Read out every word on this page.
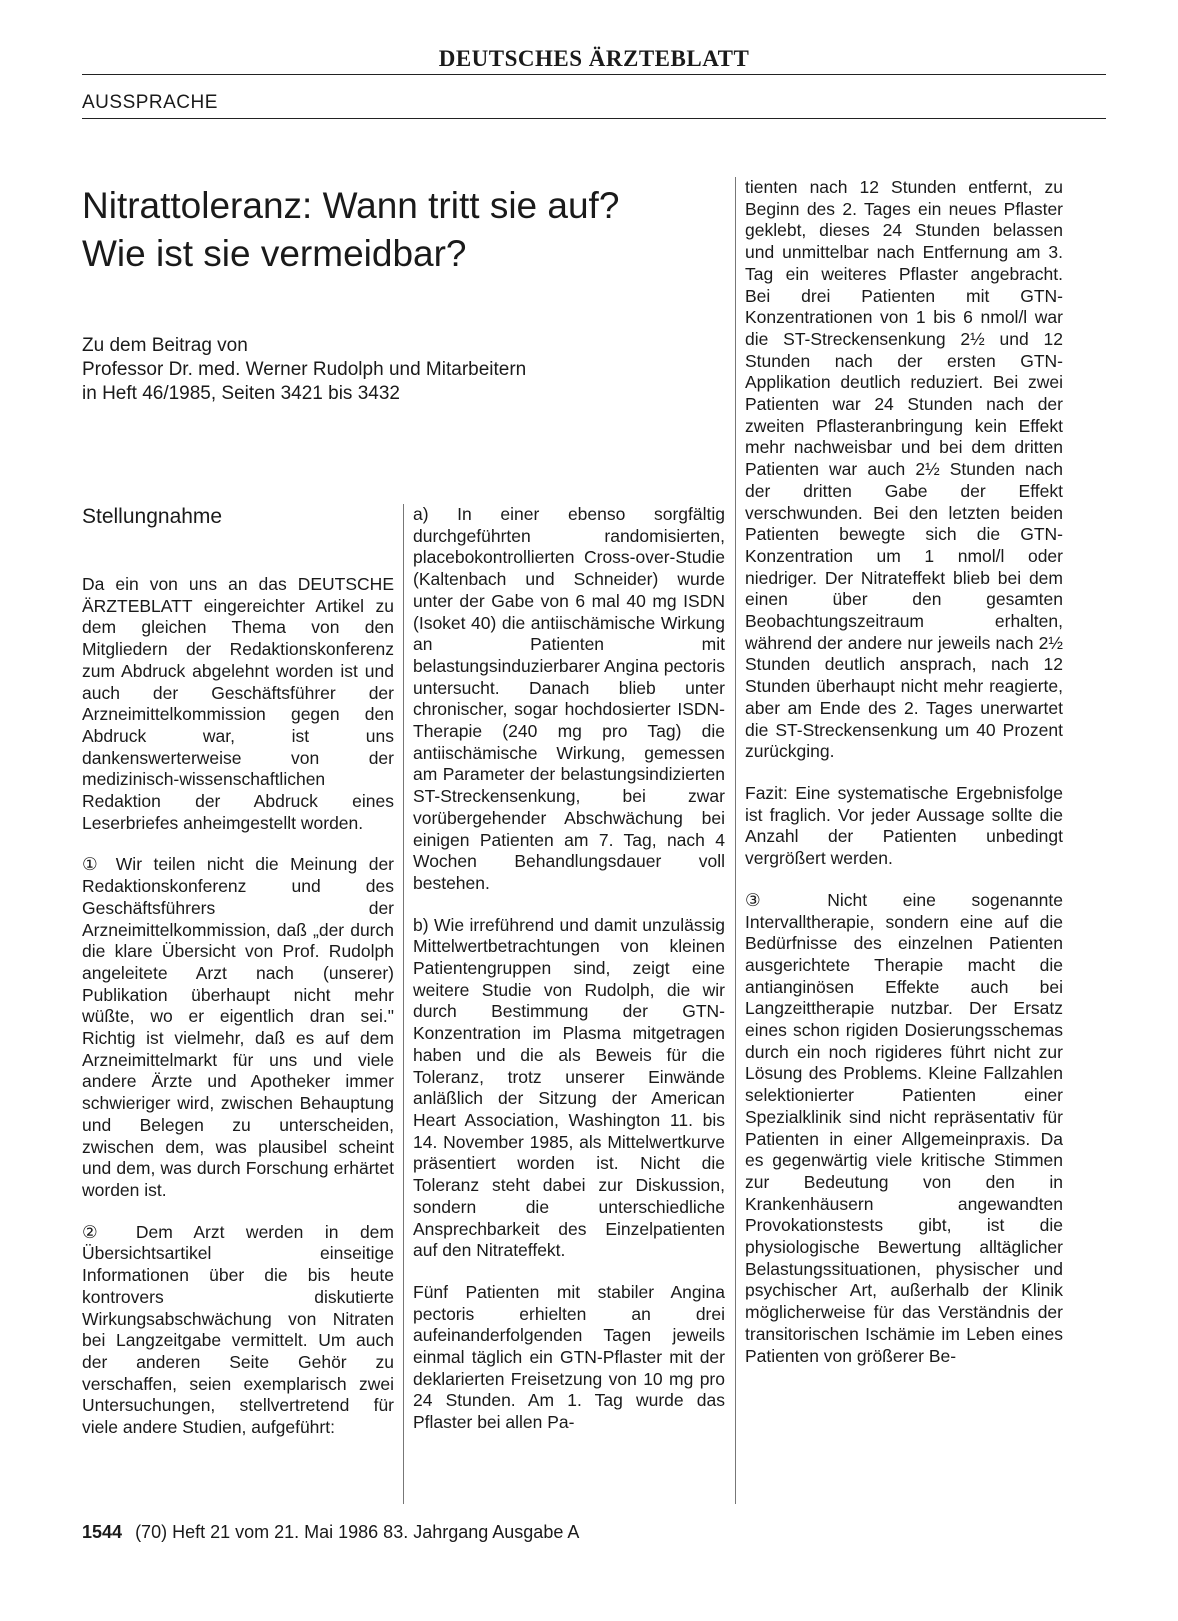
DEUTSCHES ÄRZTEBLATT
AUSSPRACHE
Nitrattoleranz: Wann tritt sie auf?
Wie ist sie vermeidbar?
Zu dem Beitrag von
Professor Dr. med. Werner Rudolph und Mitarbeitern
in Heft 46/1985, Seiten 3421 bis 3432
Stellungnahme

Da ein von uns an das DEUTSCHE ÄRZTEBLATT eingereichter Artikel zu dem gleichen Thema von den Mitgliedern der Redaktionskonferenz zum Abdruck abgelehnt worden ist und auch der Geschäftsführer der Arzneimittelkommission gegen den Abdruck war, ist uns dankenswerterweise von der medizinisch-wissenschaftlichen Redaktion der Abdruck eines Leserbriefes anheimgestellt worden.

① Wir teilen nicht die Meinung der Redaktionskonferenz und des Geschäftsführers der Arzneimittelkommission, daß „der durch die klare Übersicht von Prof. Rudolph angeleitete Arzt nach (unserer) Publikation überhaupt nicht mehr wüßte, wo er eigentlich dran sei." Richtig ist vielmehr, daß es auf dem Arzneimittelmarkt für uns und viele andere Ärzte und Apotheker immer schwieriger wird, zwischen Behauptung und Belegen zu unterscheiden, zwischen dem, was plausibel scheint und dem, was durch Forschung erhärtet worden ist.

② Dem Arzt werden in dem Übersichtsartikel einseitige Informationen über die bis heute kontrovers diskutierte Wirkungsabschwächung von Nitraten bei Langzeitgabe vermittelt. Um auch der anderen Seite Gehör zu verschaffen, seien exemplarisch zwei Untersuchungen, stellvertretend für viele andere Studien, aufgeführt:

a) In einer ebenso sorgfältig durchgeführten randomisierten, placebokontrollierten Cross-over-Studie (Kaltenbach und Schneider) wurde unter der Gabe von 6 mal 40 mg ISDN (Isoket 40) die antiischämische Wirkung an Patienten mit belastungsinduzierbarer Angina pectoris untersucht. Danach blieb unter chronischer, sogar hochdosierter ISDN-Therapie (240 mg pro Tag) die antiischämische Wirkung, gemessen am Parameter der belastungsindizierten ST-Streckensenkung, bei zwar vorübergehender Abschwächung bei einigen Patienten am 7. Tag, nach 4 Wochen Behandlungsdauer voll bestehen.

b) Wie irreführend und damit unzulässig Mittelwertbetrachtungen von kleinen Patientengruppen sind, zeigt eine weitere Studie von Rudolph, die wir durch Bestimmung der GTN-Konzentration im Plasma mitgetragen haben und die als Beweis für die Toleranz, trotz unserer Einwände anläßlich der Sitzung der American Heart Association, Washington 11. bis 14. November 1985, als Mittelwertkurve präsentiert worden ist. Nicht die Toleranz steht dabei zur Diskussion, sondern die unterschiedliche Ansprechbarkeit des Einzelpatienten auf den Nitrateffekt.

Fünf Patienten mit stabiler Angina pectoris erhielten an drei aufeinanderfolgenden Tagen jeweils einmal täglich ein GTN-Pflaster mit der deklarierten Freisetzung von 10 mg pro 24 Stunden. Am 1. Tag wurde das Pflaster bei allen Pa-

tienten nach 12 Stunden entfernt, zu Beginn des 2. Tages ein neues Pflaster geklebt, dieses 24 Stunden belassen und unmittelbar nach Entfernung am 3. Tag ein weiteres Pflaster angebracht. Bei drei Patienten mit GTN-Konzentrationen von 1 bis 6 nmol/l war die ST-Streckensenkung 2½ und 12 Stunden nach der ersten GTN-Applikation deutlich reduziert. Bei zwei Patienten war 24 Stunden nach der zweiten Pflasteranbringung kein Effekt mehr nachweisbar und bei dem dritten Patienten war auch 2½ Stunden nach der dritten Gabe der Effekt verschwunden. Bei den letzten beiden Patienten bewegte sich die GTN-Konzentration um 1 nmol/l oder niedriger. Der Nitrateffekt blieb bei dem einen über den gesamten Beobachtungszeitraum erhalten, während der andere nur jeweils nach 2½ Stunden deutlich ansprach, nach 12 Stunden überhaupt nicht mehr reagierte, aber am Ende des 2. Tages unerwartet die ST-Streckensenkung um 40 Prozent zurückging.

Fazit: Eine systematische Ergebnisfolge ist fraglich. Vor jeder Aussage sollte die Anzahl der Patienten unbedingt vergrößert werden.

③ Nicht eine sogenannte Intervalltherapie, sondern eine auf die Bedürfnisse des einzelnen Patienten ausgerichtete Therapie macht die antianginösen Effekte auch bei Langzeittherapie nutzbar. Der Ersatz eines schon rigiden Dosierungsschemas durch ein noch rigideres führt nicht zur Lösung des Problems. Kleine Fallzahlen selektionierter Patienten einer Spezialklinik sind nicht repräsentativ für Patienten in einer Allgemeinpraxis. Da es gegenwärtig viele kritische Stimmen zur Bedeutung von den in Krankenhäusern angewandten Provokationstests gibt, ist die physiologische Bewertung alltäglicher Belastungssituationen, physischer und psychischer Art, außerhalb der Klinik möglicherweise für das Verständnis der transitorischen Ischämie im Leben eines Patienten von größerer Be-

1544 (70) Heft 21 vom 21. Mai 1986 83. Jahrgang Ausgabe A
